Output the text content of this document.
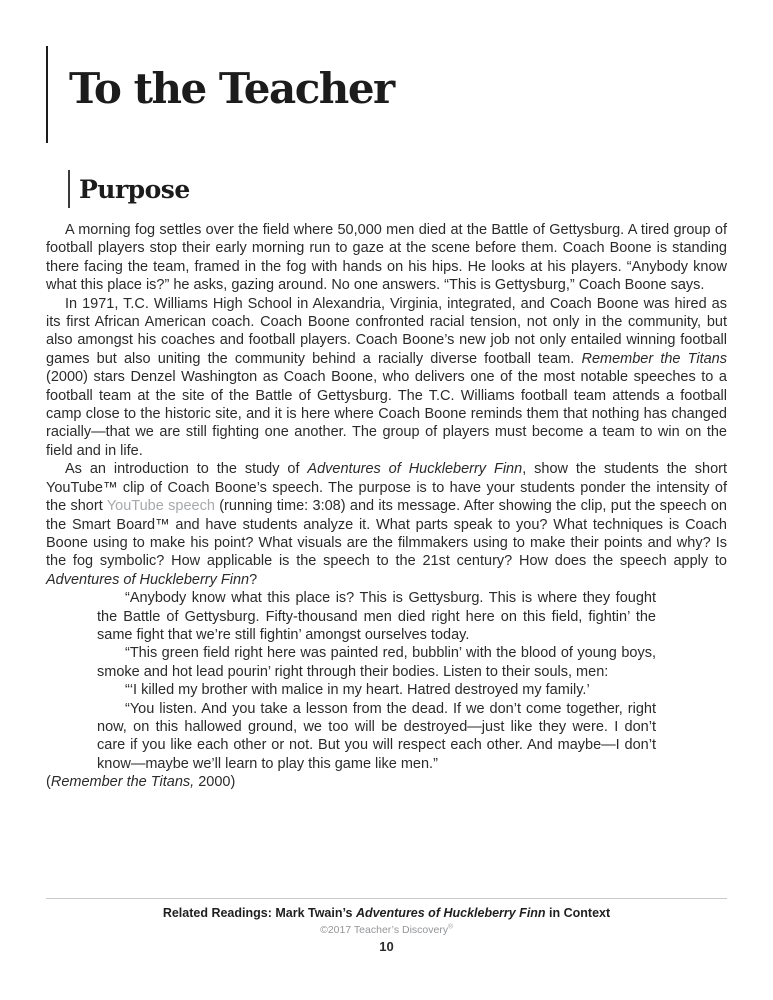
To the Teacher
Purpose

A morning fog settles over the field where 50,000 men died at the Battle of Gettysburg. A tired group of football players stop their early morning run to gaze at the scene before them. Coach Boone is standing there facing the team, framed in the fog with hands on his hips. He looks at his players. “Anybody know what this place is?” he asks, gazing around. No one answers. “This is Gettysburg,” Coach Boone says.

In 1971, T.C. Williams High School in Alexandria, Virginia, integrated, and Coach Boone was hired as its first African American coach. Coach Boone confronted racial tension, not only in the community, but also amongst his coaches and football players. Coach Boone’s new job not only entailed winning football games but also uniting the community behind a racially diverse football team. Remember the Titans (2000) stars Denzel Washington as Coach Boone, who delivers one of the most notable speeches to a football team at the site of the Battle of Gettysburg. The T.C. Williams football team attends a football camp close to the historic site, and it is here where Coach Boone reminds them that nothing has changed racially—that we are still fighting one another. The group of players must become a team to win on the field and in life.

As an introduction to the study of Adventures of Huckleberry Finn, show the students the short YouTube™ clip of Coach Boone’s speech. The purpose is to have your students ponder the intensity of the short YouTube speech (running time: 3:08) and its message. After showing the clip, put the speech on the Smart Board™ and have students analyze it. What parts speak to you? What techniques is Coach Boone using to make his point? What visuals are the filmmakers using to make their points and why? Is the fog symbolic? How applicable is the speech to the 21st century? How does the speech apply to Adventures of Huckleberry Finn?

“Anybody know what this place is? This is Gettysburg. This is where they fought the Battle of Gettysburg. Fifty-thousand men died right here on this field, fightin’ the same fight that we’re still fightin’ amongst ourselves today.

“This green field right here was painted red, bubblin’ with the blood of young boys, smoke and hot lead pourin’ right through their bodies. Listen to their souls, men:

“‘I killed my brother with malice in my heart. Hatred destroyed my family.’

“You listen. And you take a lesson from the dead. If we don’t come together, right now, on this hallowed ground, we too will be destroyed—just like they were. I don’t care if you like each other or not. But you will respect each other. And maybe—I don’t know—maybe we’ll learn to play this game like men.”

(Remember the Titans, 2000)

Related Readings: Mark Twain’s Adventures of Huckleberry Finn in Context
©2017 Teacher’s Discovery®
10
